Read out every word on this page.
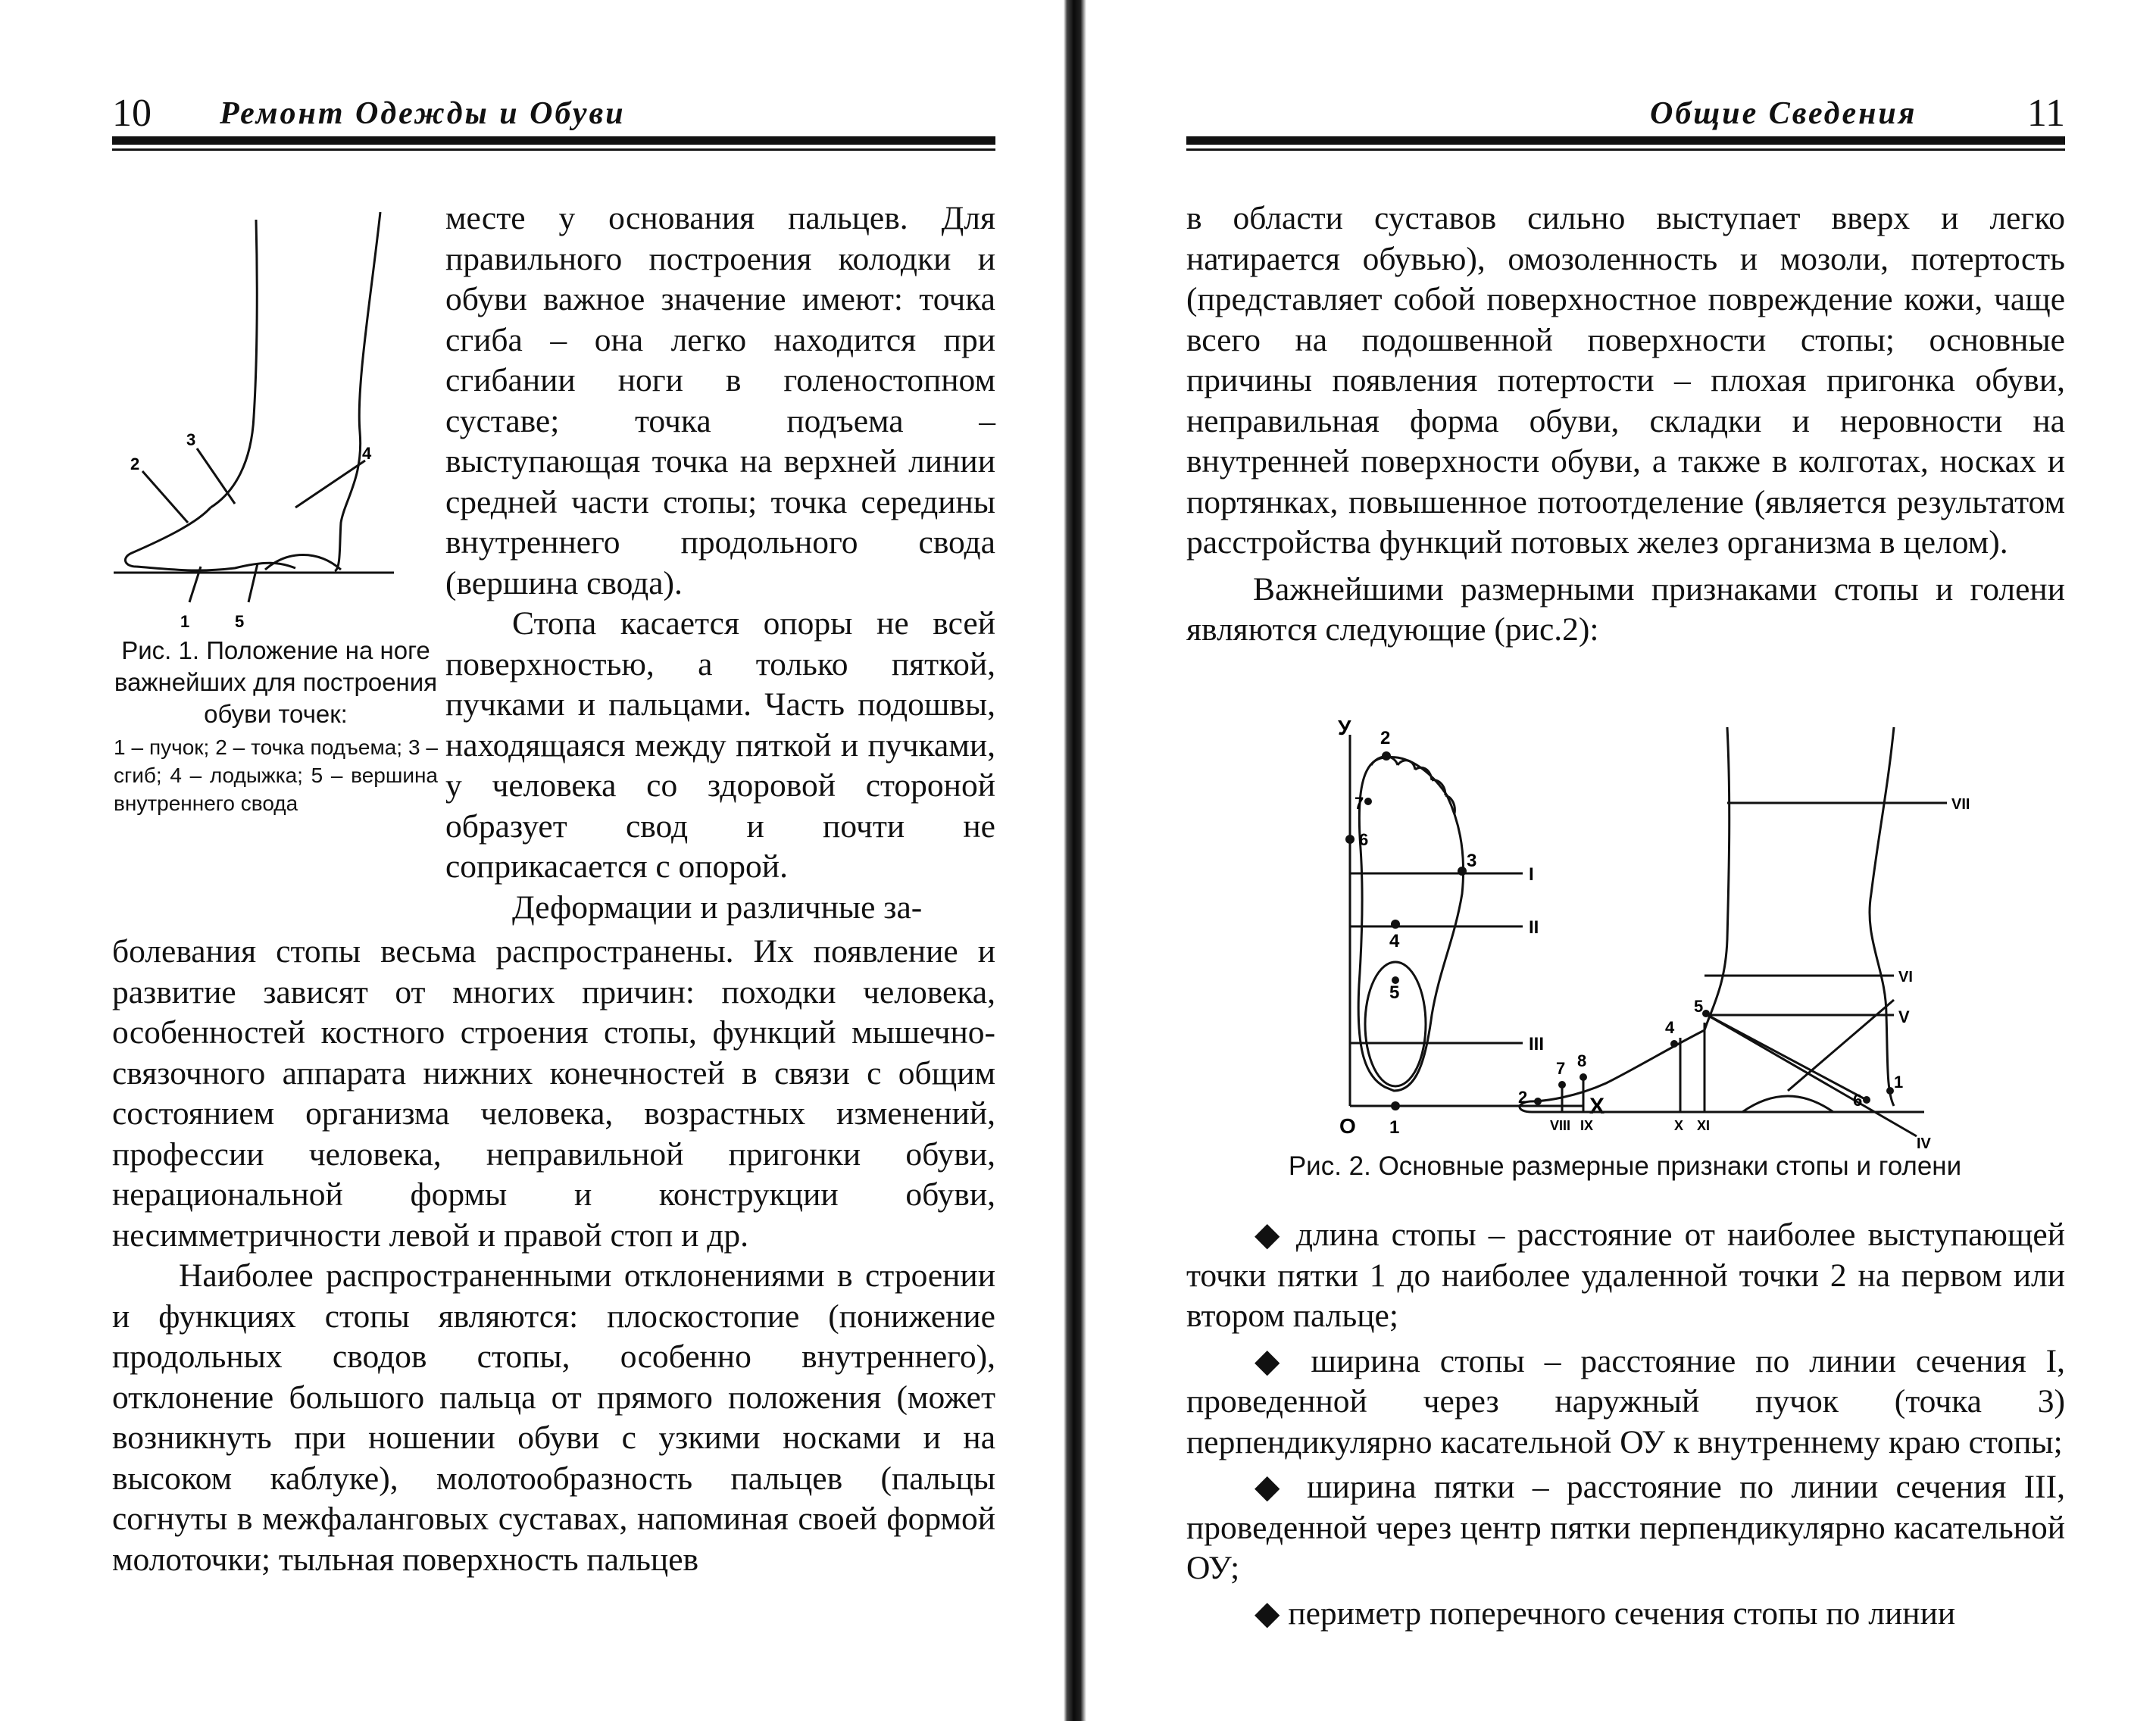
10 Ремонт Одежды и Обуви
1
2
3
4
5
Рис. 1. Положение на ноге важнейших для построения обуви точек:
1 – пучок; 2 – точка подъема; 3 – сгиб; 4 – лодыжка; 5 – вершина внутреннего свода

месте у основания пальцев. Для правильного построения колодки и обуви важное значение имеют: точка сгиба – она легко находится при сгибании ноги в голеностопном суставе; точка подъема – выступающая точка на верхней линии средней части стопы; точка середины внутреннего продольного свода (вершина свода).

Стопа касается опоры не всей поверхностью, а только пяткой, пучками и пальцами. Часть подошвы, находящаяся между пяткой и пучками, у человека со здоровой стороной образует свод и почти не соприкасается с опорой.

Деформации и различные за-

болевания стопы весьма распространены. Их появление и развитие зависят от многих причин: походки человека, особенностей костного строения стопы, функций мышечно-связочного аппарата нижних конечностей в связи с общим состоянием организма человека, возрастных изменений, профессии человека, неправильной пригонки обуви, нерациональной формы и конструкции обуви, несимметричности левой и правой стоп и др.

Наиболее распространенными отклонениями в строении и функциях стопы являются: плоскостопие (понижение продольных сводов стопы, особенно внутреннего), отклонение большого пальца от прямого положения (может возникнуть при ношении обуви с узкими носками и на высоком каблуке), молотообразность пальцев (пальцы согнуты в межфаланговых суставах, напоминая своей формой молоточки; тыльная поверхность пальцев

Общие Сведения	11

в области суставов сильно выступает вверх и легко натирается обувью), омозоленность и мозоли, потертость (представляет собой поверхностное повреждение кожи, чаще всего на подошвенной поверхности стопы; основные причины появления потертости – плохая пригонка обуви, неправильная форма обуви, складки и неровности на внутренней поверхности обуви, а также в колготах, носках и портянках, повышенное потоотделение (является результатом расстройства функций потовых желез организма в целом).

Важнейшими размерными признаками стопы и голени являются следующие (рис.2):

У
Х
О 1
2
3
4
5
6
7
I
II
III
1
2
4
5
6
7 8
VII
VI
V
IV
VIII IX	X XI
Рис. 2. Основные размерные признаки стопы и голени

◆ длина стопы – расстояние от наиболее выступающей точки пятки 1 до наиболее удаленной точки 2 на первом или втором пальце;

◆ ширина стопы – расстояние по линии сечения I, проведенной через наружный пучок (точка 3) перпендикулярно касательной ОУ к внутреннему краю стопы;

◆ ширина пятки – расстояние по линии сечения III, проведенной через центр пятки перпендикулярно касательной ОУ;

◆ периметр поперечного сечения стопы по линии
